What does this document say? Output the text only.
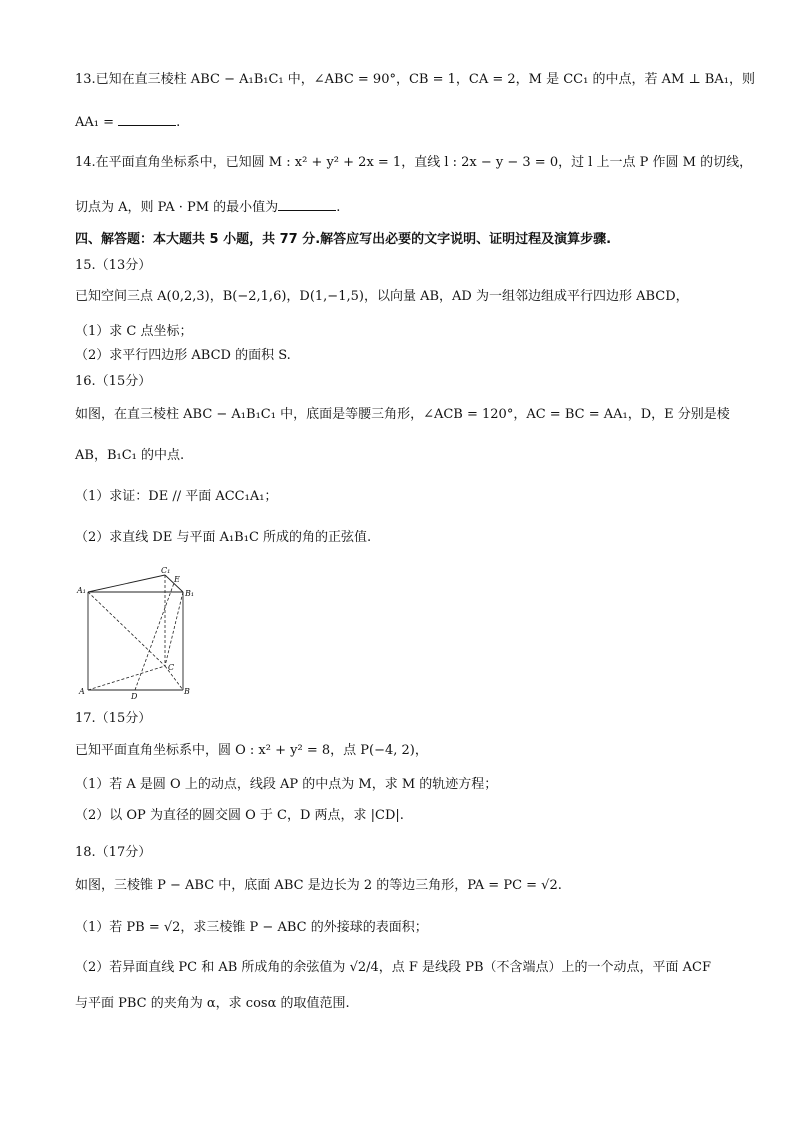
13.已知在直三棱柱 ABC − A₁B₁C₁ 中，∠ABC = 90°，CB = 1，CA = 2，M 是 CC₁ 的中点，若 AM ⊥ BA₁，则
AA₁ =	.
14.在平面直角坐标系中，已知圆 M : x² + y² + 2x = 1，直线 l : 2x − y − 3 = 0，过 l 上一点 P 作圆 M 的切线，
切点为 A，则 PA · PM 的最小值为	.
四、解答题：本大题共 5 小题，共 77 分.解答应写出必要的文字说明、证明过程及演算步骤.
15.（13分）
已知空间三点 A(0,2,3)，B(−2,1,6)，D(1,−1,5)，以向量 AB，AD 为一组邻边组成平行四边形 ABCD，
（1）求 C 点坐标；
（2）求平行四边形 ABCD 的面积 S.
16.（15分）
如图，在直三棱柱 ABC − A₁B₁C₁ 中，底面是等腰三角形，∠ACB = 120°，AC = BC = AA₁，D，E 分别是棱
AB，B₁C₁ 的中点.
（1）求证：DE // 平面 ACC₁A₁；
（2）求直线 DE 与平面 A₁B₁C 所成的角的正弦值.
A₁
C₁
E
B₁
C
A
D
B
17.（15分）
已知平面直角坐标系中，圆 O : x² + y² = 8，点 P(−4, 2)，
（1）若 A 是圆 O 上的动点，线段 AP 的中点为 M，求 M 的轨迹方程；
（2）以 OP 为直径的圆交圆 O 于 C，D 两点，求 |CD|.
18.（17分）
如图，三棱锥 P − ABC 中，底面 ABC 是边长为 2 的等边三角形，PA = PC = √2.
（1）若 PB = √2，求三棱锥 P − ABC 的外接球的表面积；
（2）若异面直线 PC 和 AB 所成角的余弦值为 √2/4，点 F 是线段 PB（不含端点）上的一个动点，平面 ACF
与平面 PBC 的夹角为 α，求 cosα 的取值范围.
